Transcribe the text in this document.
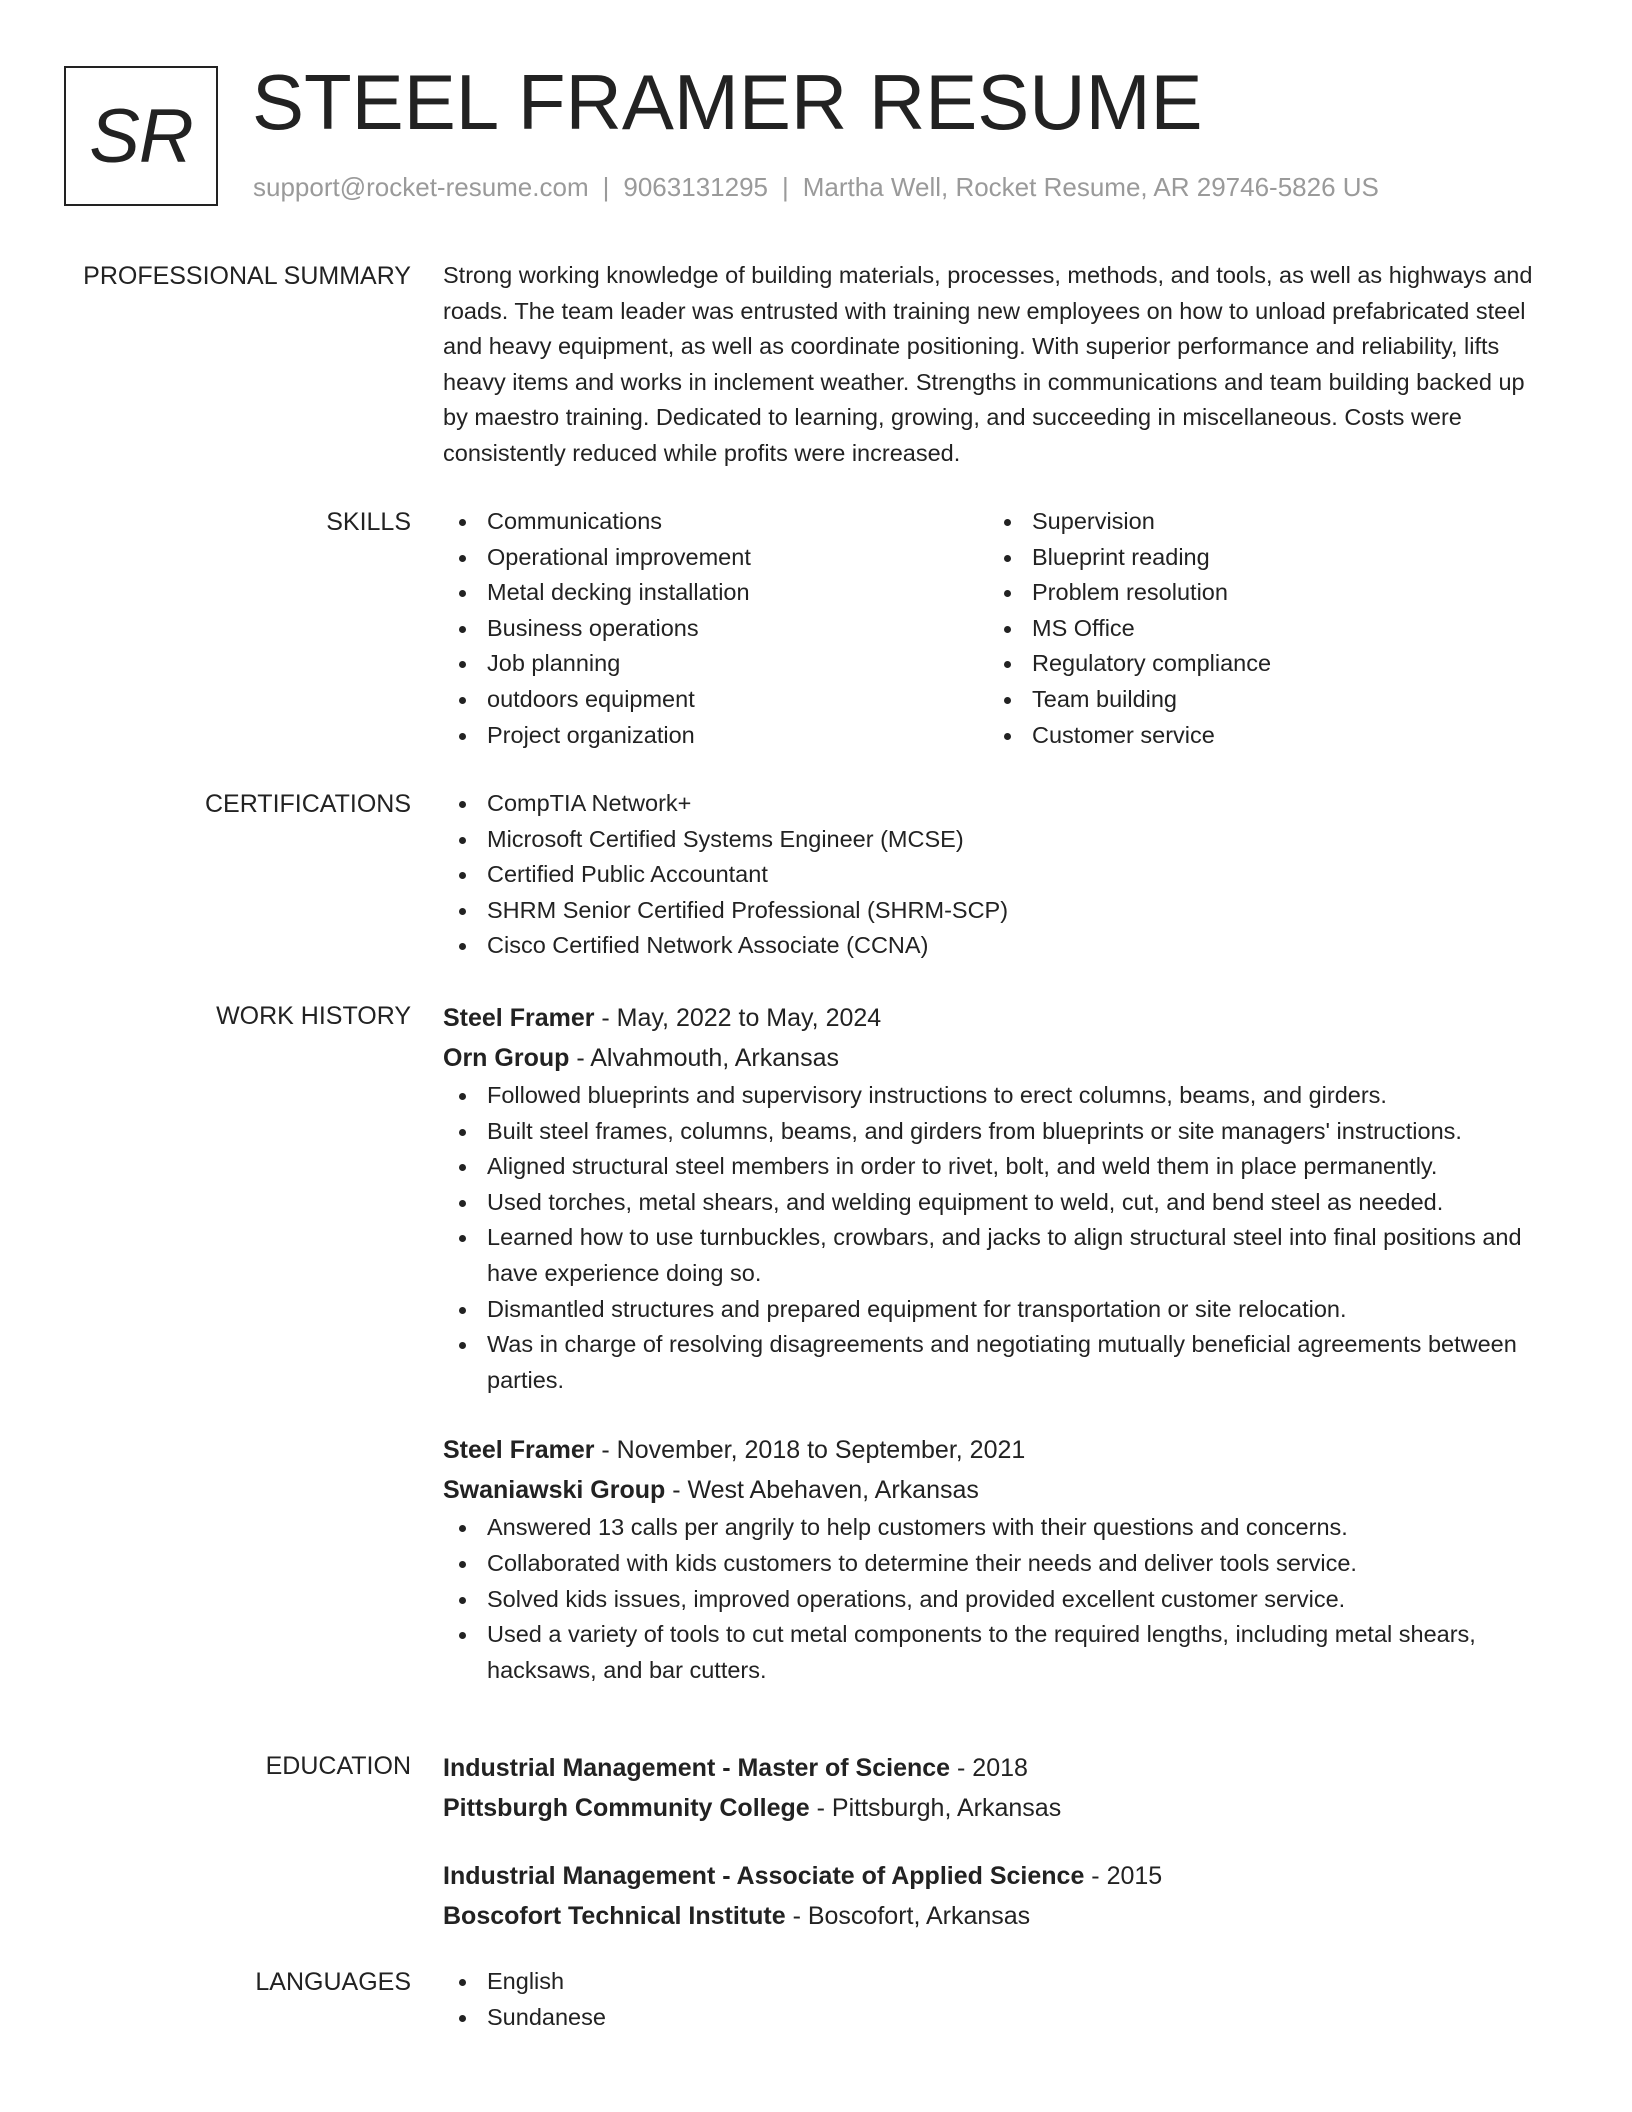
SR STEEL FRAMER RESUME
support@rocket-resume.com | 9063131295 | Martha Well, Rocket Resume, AR 29746-5826 US
PROFESSIONAL SUMMARY Strong working knowledge of building materials, processes, methods, and tools, as well as highways and roads. The team leader was entrusted with training new employees on how to unload prefabricated steel and heavy equipment, as well as coordinate positioning. With superior performance and reliability, lifts heavy items and works in inclement weather. Strengths in communications and team building backed up by maestro training. Dedicated to learning, growing, and succeeding in miscellaneous. Costs were consistently reduced while profits were increased.
SKILLS	Communications
Operational improvement
Metal decking installation
Business operations
Job planning
outdoors equipment
Project organization
Supervision
Blueprint reading
Problem resolution
MS Office
Regulatory compliance
Team building
Customer service
CERTIFICATIONS	CompTIA Network+
Microsoft Certified Systems Engineer (MCSE)
Certified Public Accountant
SHRM Senior Certified Professional (SHRM-SCP)
Cisco Certified Network Associate (CCNA)
WORK HISTORY Steel Framer - May, 2022 to May, 2024
Orn Group - Alvahmouth, Arkansas
Followed blueprints and supervisory instructions to erect columns, beams, and girders.
Built steel frames, columns, beams, and girders from blueprints or site managers' instructions.
Aligned structural steel members in order to rivet, bolt, and weld them in place permanently.
Used torches, metal shears, and welding equipment to weld, cut, and bend steel as needed.
Learned how to use turnbuckles, crowbars, and jacks to align structural steel into final positions and have experience doing so.
Dismantled structures and prepared equipment for transportation or site relocation.
Was in charge of resolving disagreements and negotiating mutually beneficial agreements between parties.
Steel Framer - November, 2018 to September, 2021
Swaniawski Group - West Abehaven, Arkansas
Answered 13 calls per angrily to help customers with their questions and concerns.
Collaborated with kids customers to determine their needs and deliver tools service.
Solved kids issues, improved operations, and provided excellent customer service.
Used a variety of tools to cut metal components to the required lengths, including metal shears, hacksaws, and bar cutters.
EDUCATION Industrial Management - Master of Science - 2018
Pittsburgh Community College - Pittsburgh, Arkansas
Industrial Management - Associate of Applied Science - 2015
Boscofort Technical Institute - Boscofort, Arkansas
LANGUAGES	English
Sundanese
